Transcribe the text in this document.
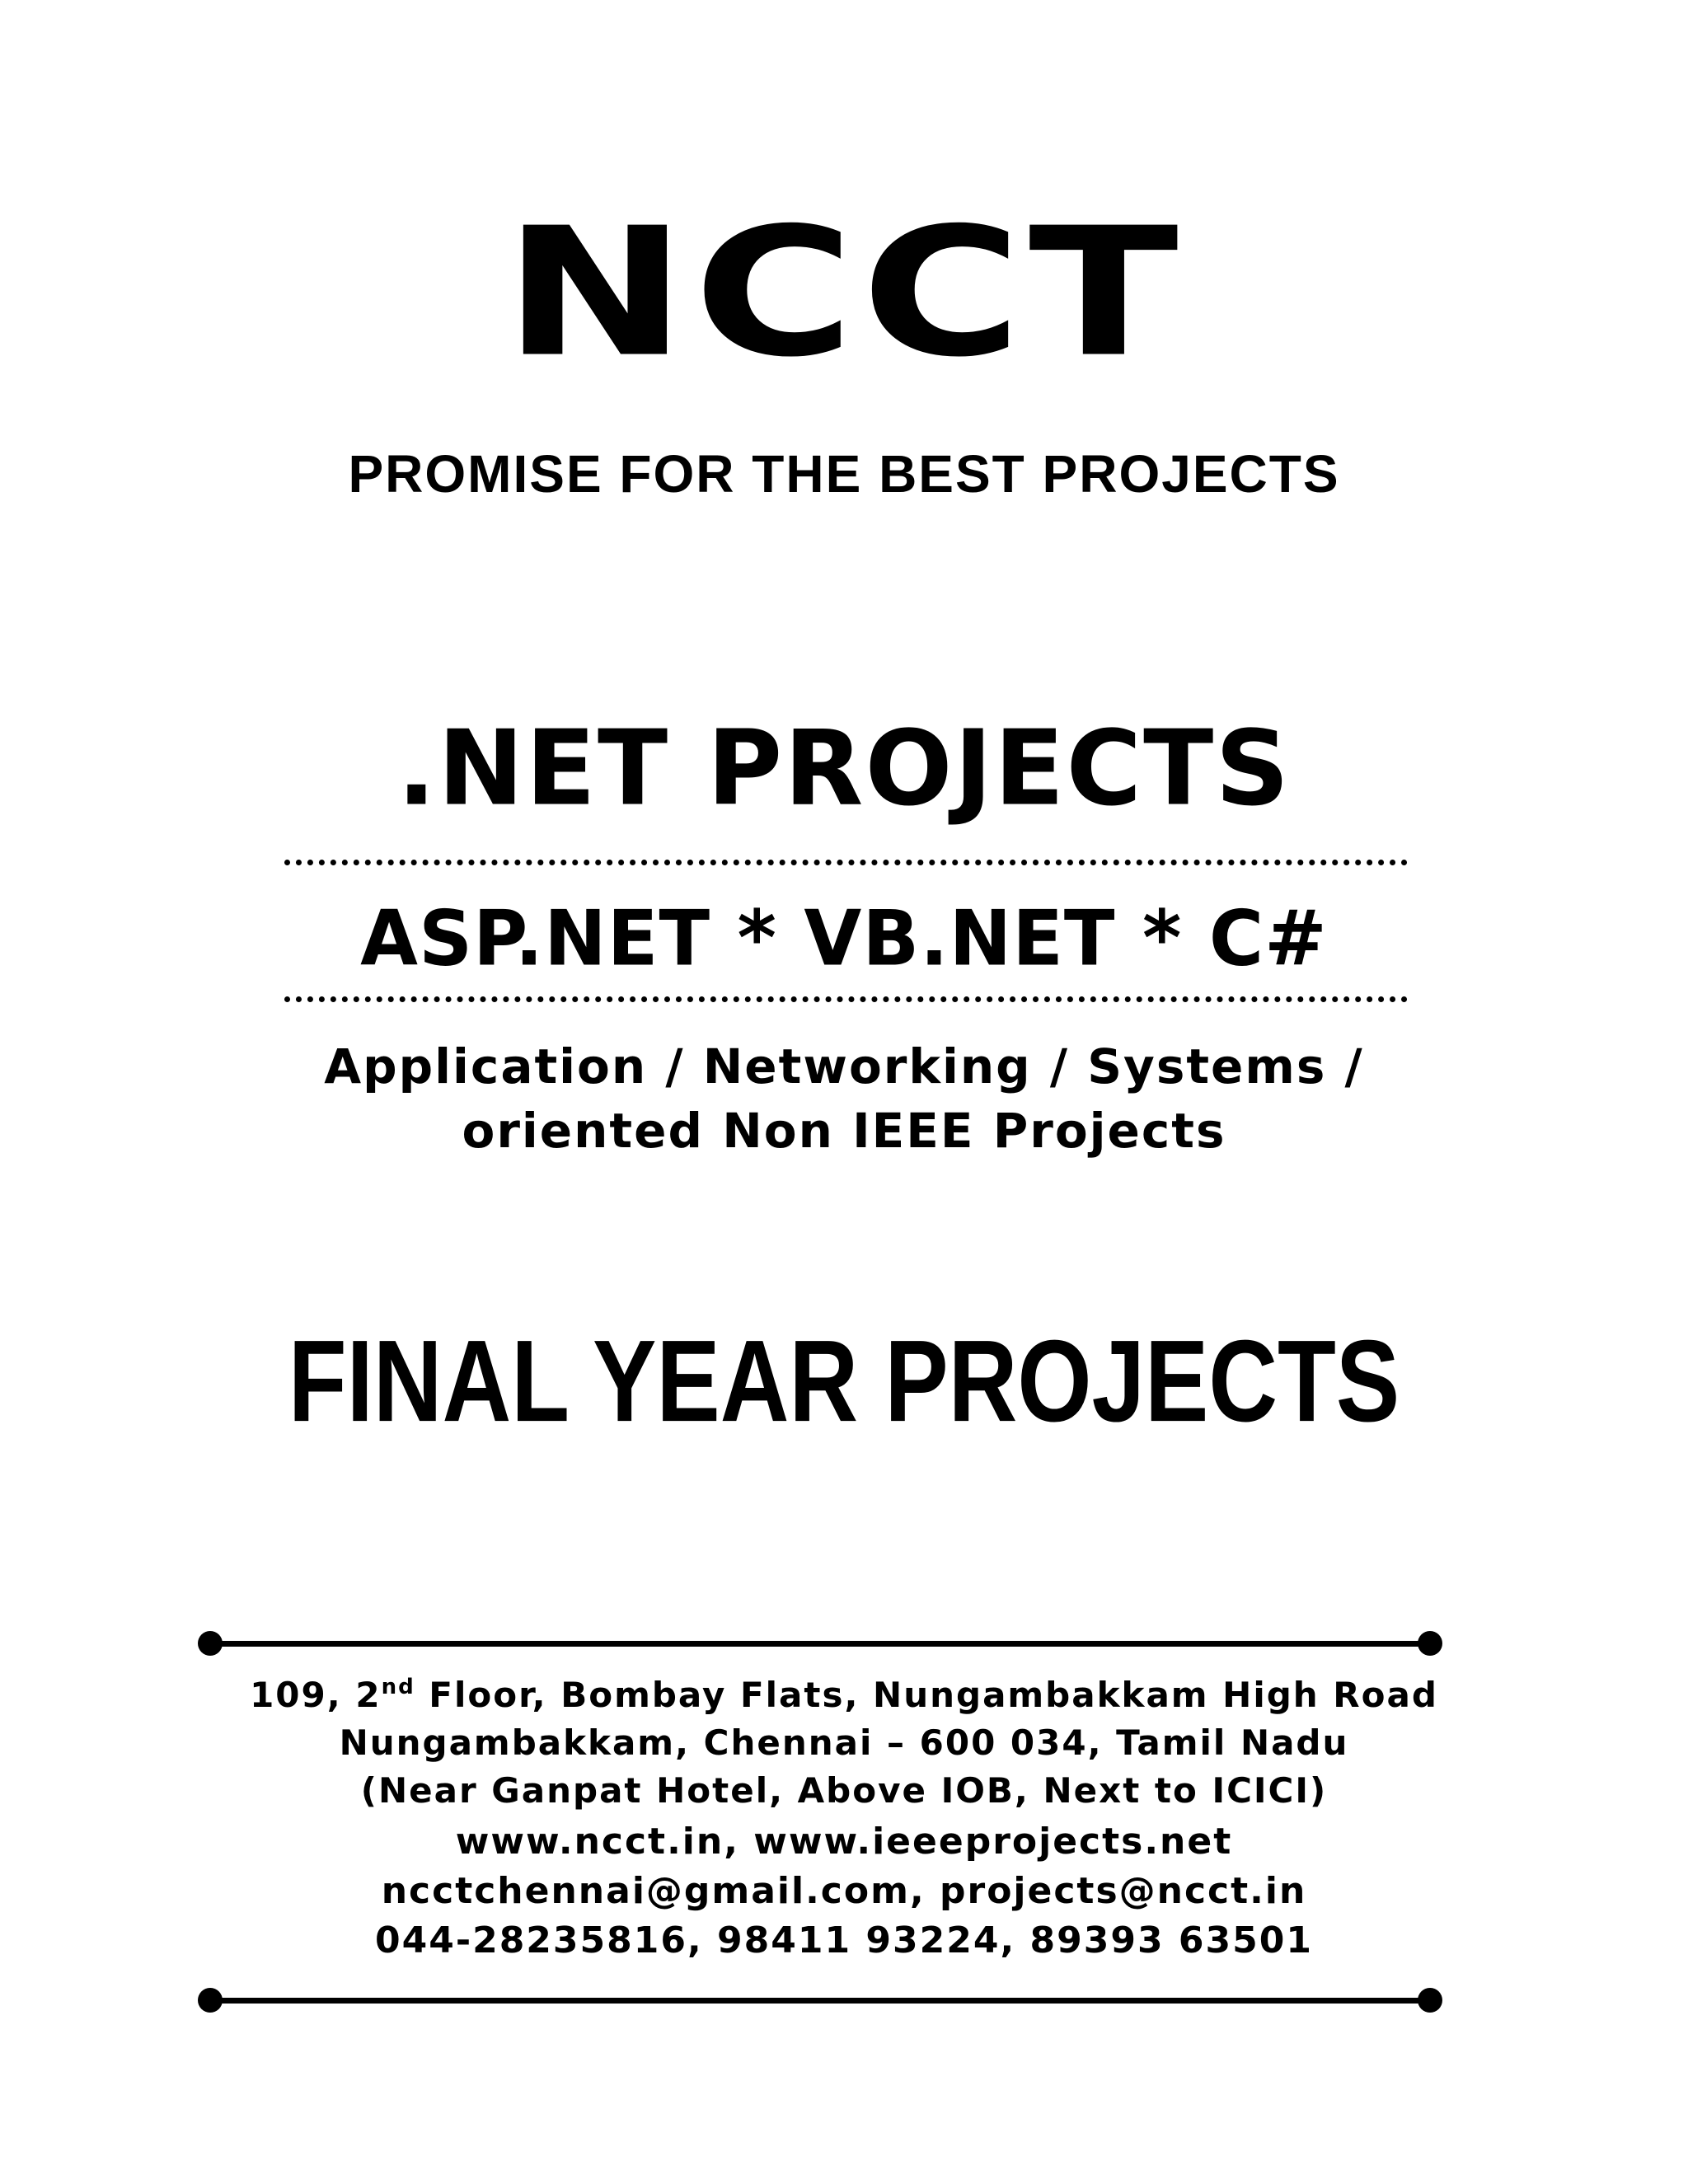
NCCT
PROMISE FOR THE BEST PROJECTS
.NET PROJECTS
ASP.NET * VB.NET * C#
Application / Networking / Systems /
oriented Non IEEE Projects
FINAL YEAR PROJECTS
109, 2nd Floor, Bombay Flats, Nungambakkam High Road
Nungambakkam, Chennai – 600 034, Tamil Nadu
(Near Ganpat Hotel, Above IOB, Next to ICICI)
www.ncct.in, www.ieeeprojects.net
ncctchennai@gmail.com, projects@ncct.in
044-28235816, 98411 93224, 89393 63501
